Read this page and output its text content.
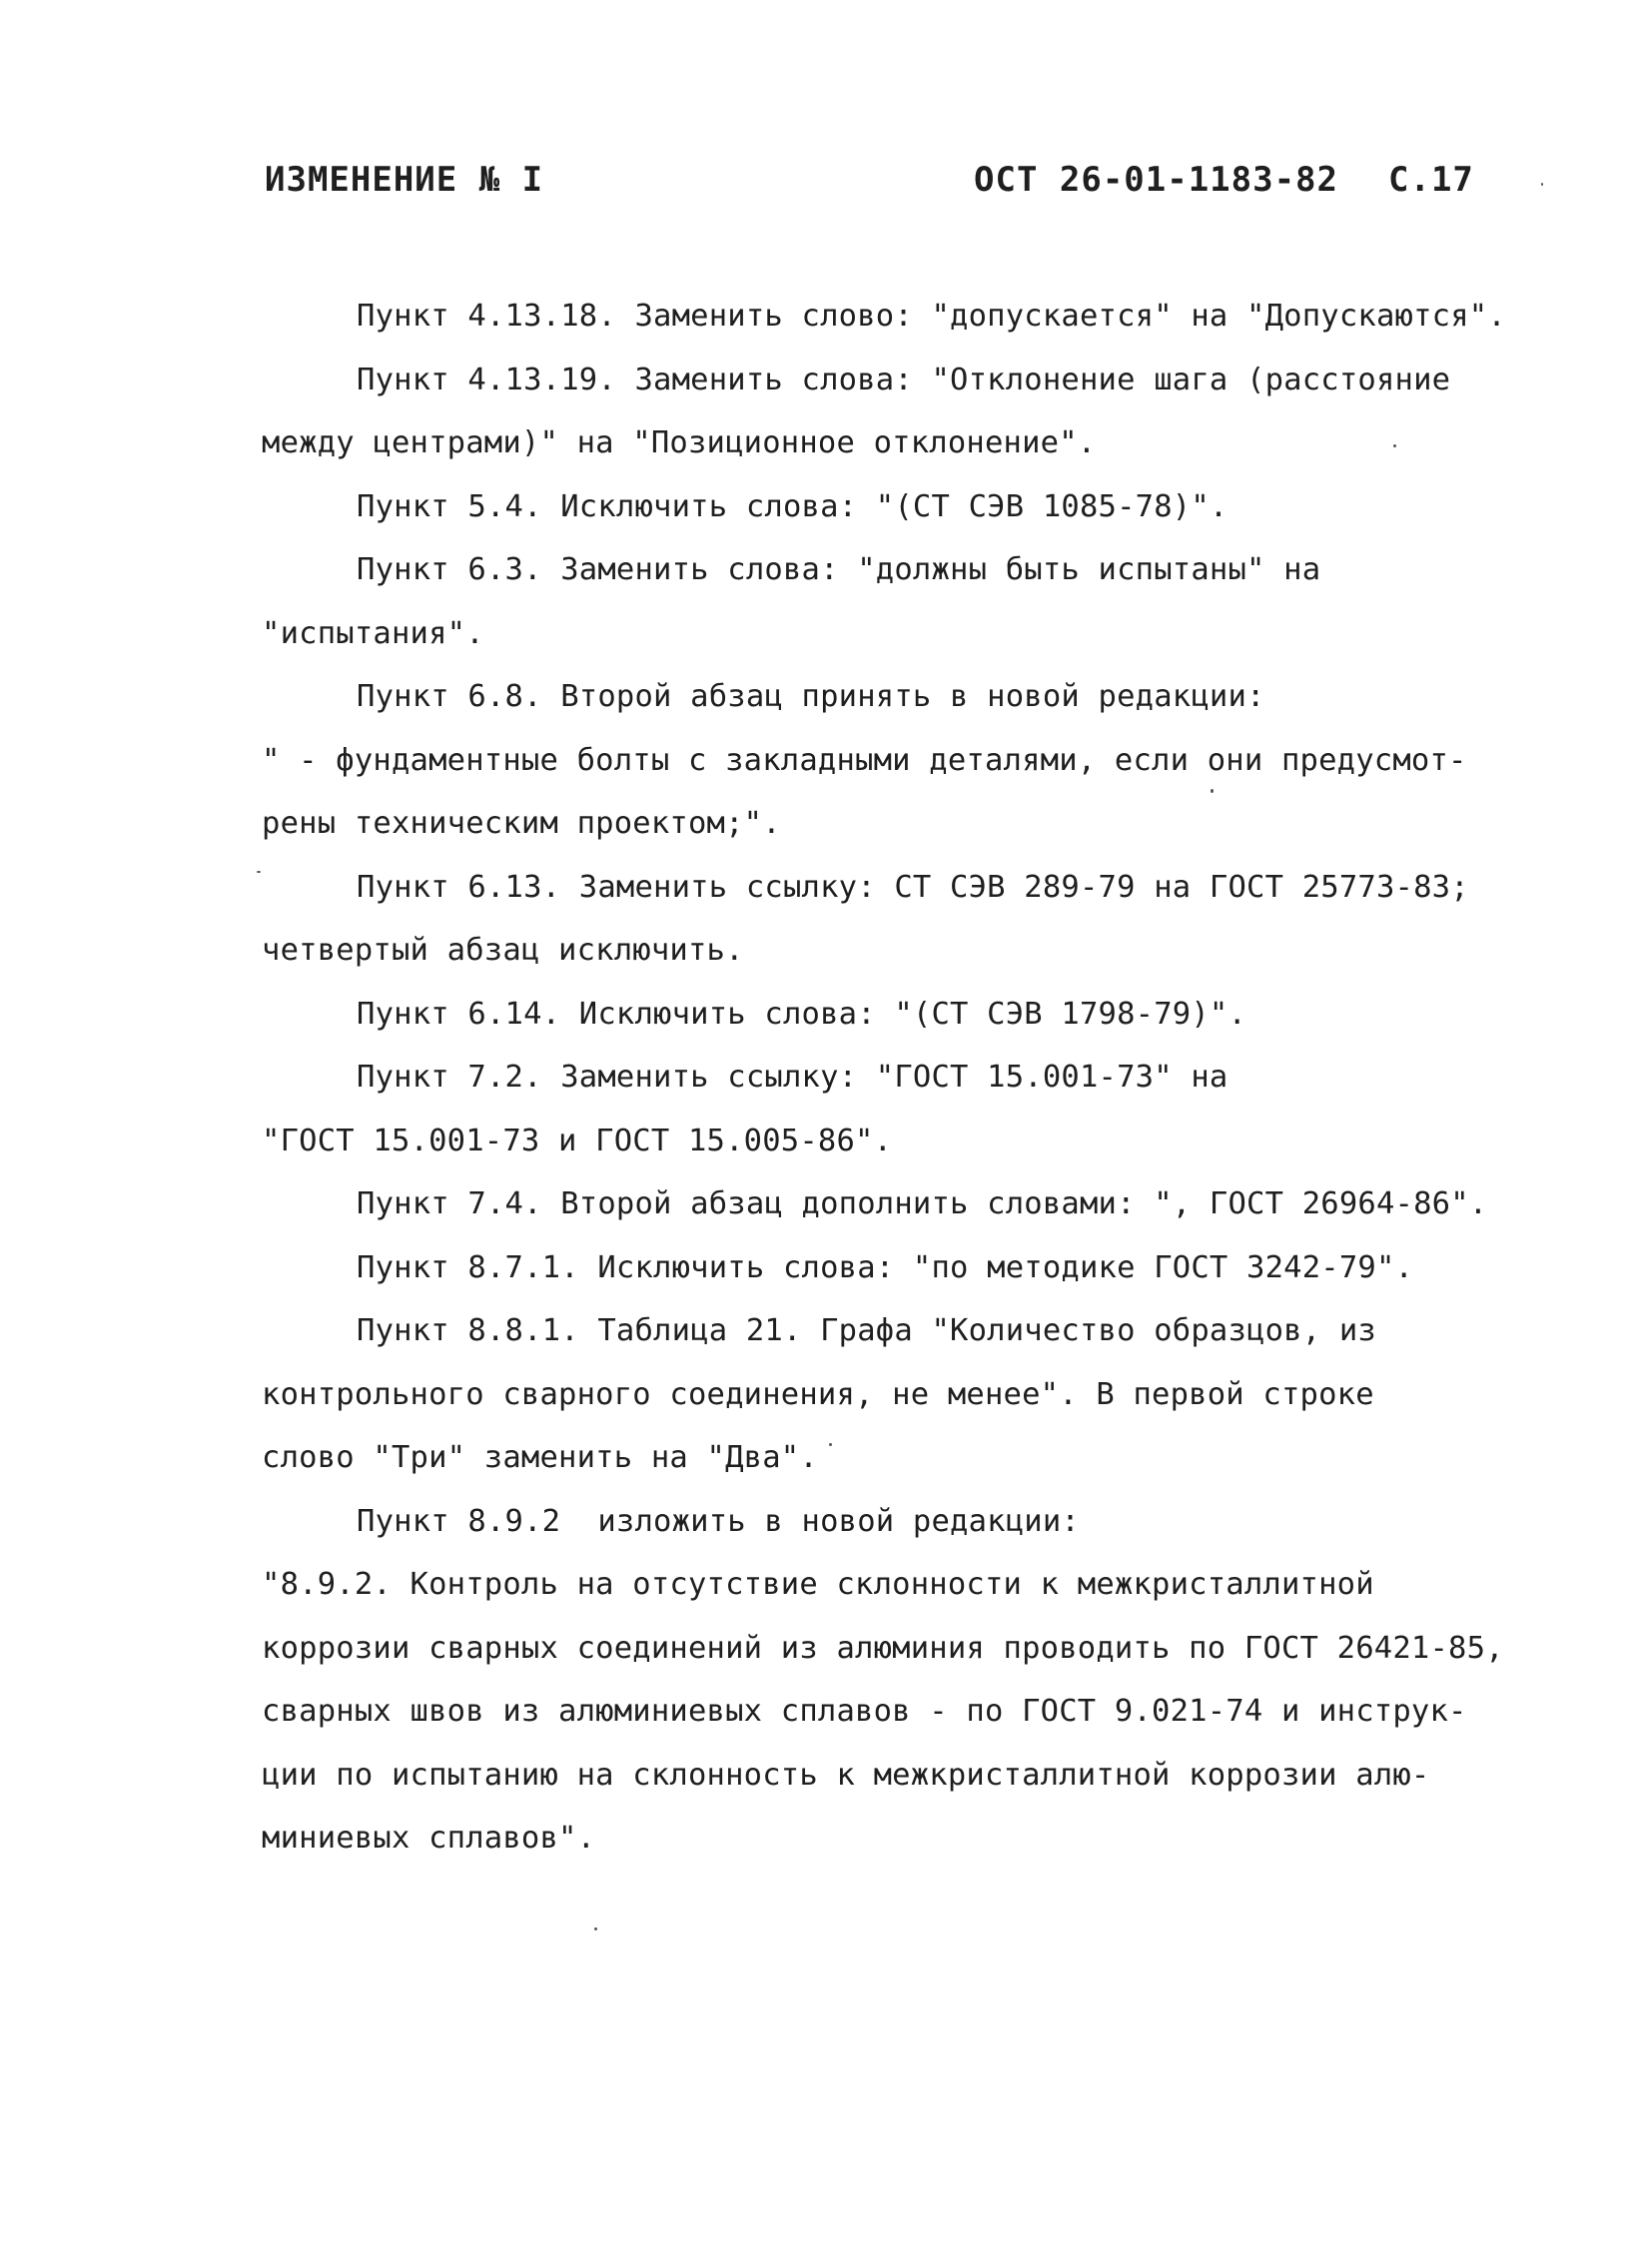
ИЗМЕНЕНИЕ № I	ОСТ 26-01-1183-82 С.17
Пункт 4.13.18. Заменить слово: "допускается" на "Допускаются".
Пункт 4.13.19. Заменить слова: "Отклонение шага (расстояние
между центрами)" на "Позиционное отклонение".
Пункт 5.4. Исключить слова: "(СТ СЭВ 1085-78)".
Пункт 6.3. Заменить слова: "должны быть испытаны" на
"испытания".
Пункт 6.8. Второй абзац принять в новой редакции:
" - фундаментные болты с закладными деталями, если они предусмот-
рены техническим проектом;".
Пункт 6.13. Заменить ссылку: СТ СЭВ 289-79 на ГОСТ 25773-83;
четвертый абзац исключить.
Пункт 6.14. Исключить слова: "(СТ СЭВ 1798-79)".
Пункт 7.2. Заменить ссылку: "ГОСТ 15.001-73" на
"ГОСТ 15.001-73 и ГОСТ 15.005-86".
Пункт 7.4. Второй абзац дополнить словами: ", ГОСТ 26964-86".
Пункт 8.7.1. Исключить слова: "по методике ГОСТ 3242-79".
Пункт 8.8.1. Таблица 21. Графа "Количество образцов, из
контрольного сварного соединения, не менее". В первой строке
слово "Три" заменить на "Два".
Пункт 8.9.2  изложить в новой редакции:
"8.9.2. Контроль на отсутствие склонности к межкристаллитной
коррозии сварных соединений из алюминия проводить по ГОСТ 26421-85,
сварных швов из алюминиевых сплавов - по ГОСТ 9.021-74 и инструк-
ции по испытанию на склонность к межкристаллитной коррозии алю-
миниевых сплавов".
